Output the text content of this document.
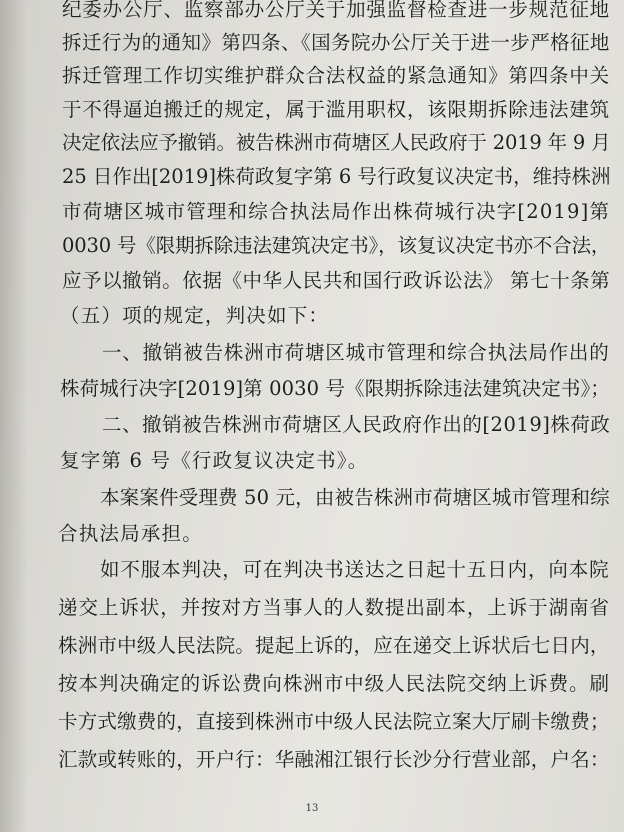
纪委办公厅、监察部办公厅关于加强监督检查进一步规范征地
拆迁行为的通知》第四条、《国务院办公厅关于进一步严格征地
拆迁管理工作切实维护群众合法权益的紧急通知》第四条中关
于不得逼迫搬迁的规定，属于滥用职权，该限期拆除违法建筑
决定依法应予撤销。被告株洲市荷塘区人民政府于 2019 年 9 月
25 日作出[2019]株荷政复字第 6 号行政复议决定书，维持株洲
市荷塘区城市管理和综合执法局作出株荷城行决字[2019]第
0030 号《限期拆除违法建筑决定书》，该复议决定书亦不合法，
应予以撤销。依据《中华人民共和国行政诉讼法》 第七十条第
（五）项的规定，判决如下：
一、撤销被告株洲市荷塘区城市管理和综合执法局作出的
株荷城行决字[2019]第 0030 号《限期拆除违法建筑决定书》；
二、撤销被告株洲市荷塘区人民政府作出的[2019]株荷政
复字第 6 号《行政复议决定书》。
本案案件受理费 50 元，由被告株洲市荷塘区城市管理和综
合执法局承担。
如不服本判决，可在判决书送达之日起十五日内，向本院
递交上诉状，并按对方当事人的人数提出副本，上诉于湖南省
株洲市中级人民法院。提起上诉的，应在递交上诉状后七日内，
按本判决确定的诉讼费向株洲市中级人民法院交纳上诉费。刷
卡方式缴费的，直接到株洲市中级人民法院立案大厅刷卡缴费；
汇款或转账的，开户行：华融湘江银行长沙分行营业部，户名：
13
